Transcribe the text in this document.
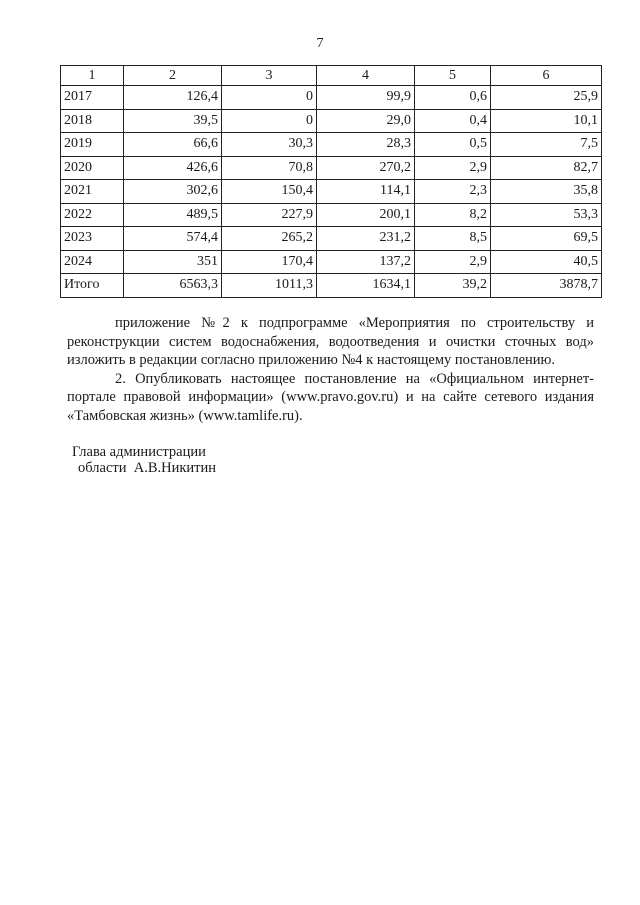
7
1	2	3	4	5	6
2017	126,4	0	99,9	0,6	25,9
2018	39,5	0	29,0	0,4	10,1
2019	66,6	30,3	28,3	0,5	7,5
2020	426,6	70,8	270,2	2,9	82,7
2021	302,6	150,4	114,1	2,3	35,8
2022	489,5	227,9	200,1	8,2	53,3
2023	574,4	265,2	231,2	8,5	69,5
2024	351	170,4	137,2	2,9	40,5
Итого	6563,3	1011,3	1634,1	39,2	3878,7

приложение №2 к подпрограмме «Мероприятия по строительству и реконструкции систем водоснабжения, водоотведения и очистки сточных вод» изложить в редакции согласно приложению №4 к настоящему постановлению.

2. Опубликовать настоящее постановление на «Официальном интернет-портале правовой информации» (www.pravo.gov.ru) и на сайте сетевого издания «Тамбовская жизнь» (www.tamlife.ru).

Глава администрации
области  А.В.Никитин
